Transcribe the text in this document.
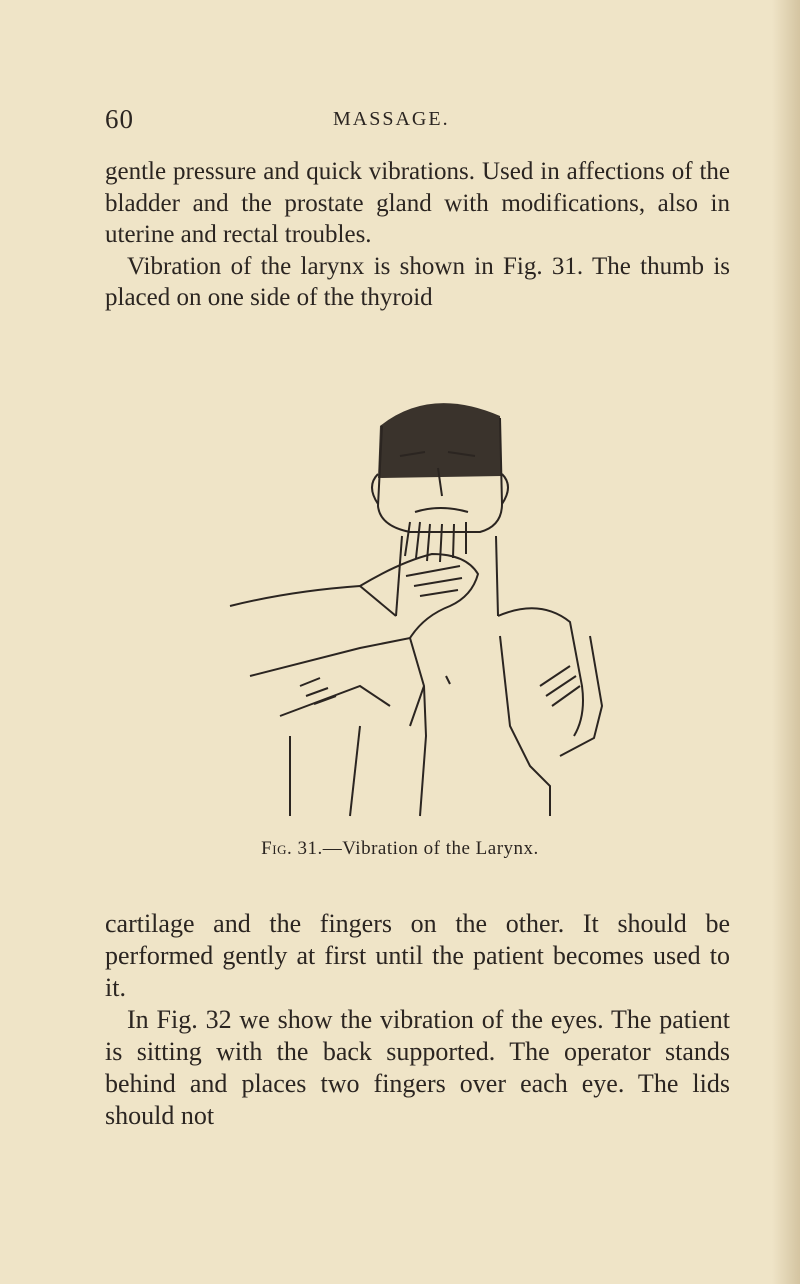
60	MASSAGE.

gentle pressure and quick vibrations. Used in affections of the bladder and the prostate gland with modifications, also in uterine and rectal troubles.

Vibration of the larynx is shown in Fig. 31. The thumb is placed on one side of the thyroid

Fig. 31.—Vibration of the Larynx.

cartilage and the fingers on the other. It should be performed gently at first until the patient becomes used to it.

In Fig. 32 we show the vibration of the eyes. The patient is sitting with the back supported. The operator stands behind and places two fingers over each eye. The lids should not
